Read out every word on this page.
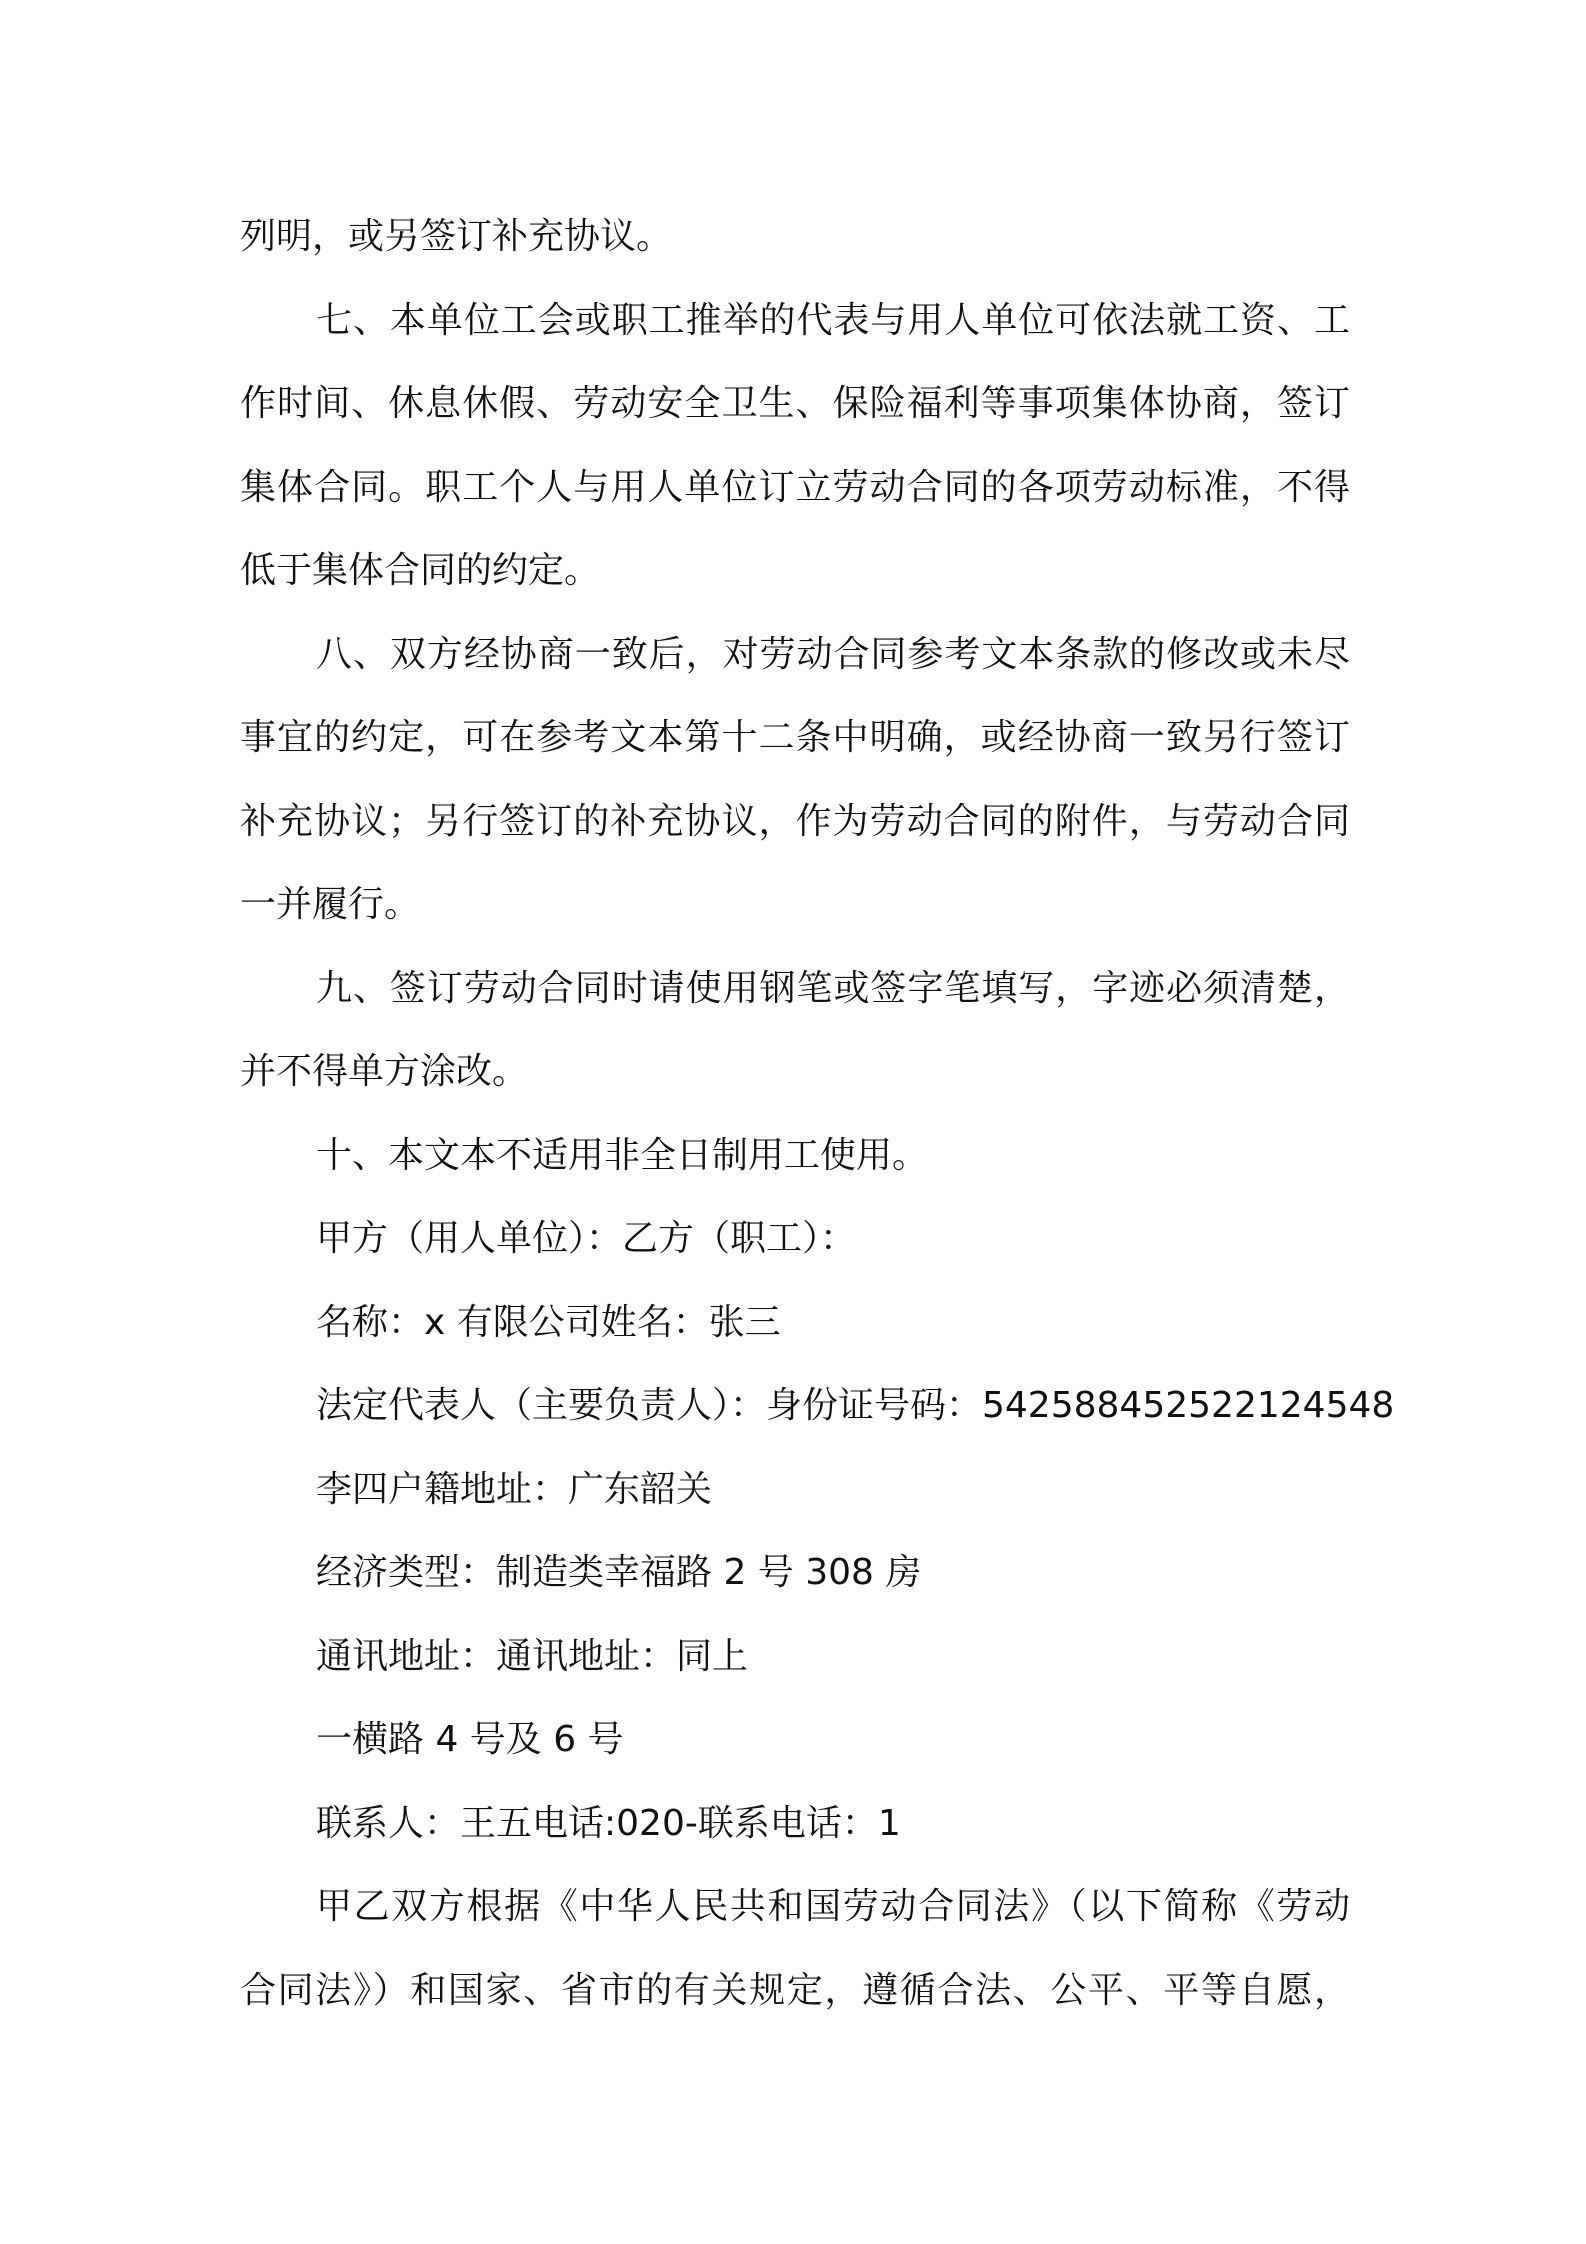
列明，或另签订补充协议。
七、本单位工会或职工推举的代表与用人单位可依法就工资、工
作时间、休息休假、劳动安全卫生、保险福利等事项集体协商，签订
集体合同。职工个人与用人单位订立劳动合同的各项劳动标准，不得
低于集体合同的约定。
八、双方经协商一致后，对劳动合同参考文本条款的修改或未尽
事宜的约定，可在参考文本第十二条中明确，或经协商一致另行签订
补充协议；另行签订的补充协议，作为劳动合同的附件，与劳动合同
一并履行。
九、签订劳动合同时请使用钢笔或签字笔填写，字迹必须清楚，
并不得单方涂改。
十、本文本不适用非全日制用工使用。
甲方（用人单位）：乙方（职工）：
名称：x 有限公司姓名：张三
法定代表人（主要负责人）：身份证号码：542588452522124548
李四户籍地址：广东韶关
经济类型：制造类幸福路 2 号 308 房
通讯地址：通讯地址：同上
一横路 4 号及 6 号
联系人：王五电话:020-联系电话：1
甲乙双方根据《中华人民共和国劳动合同法》（以下简称《劳动
合同法》）和国家、省市的有关规定，遵循合法、公平、平等自愿，
